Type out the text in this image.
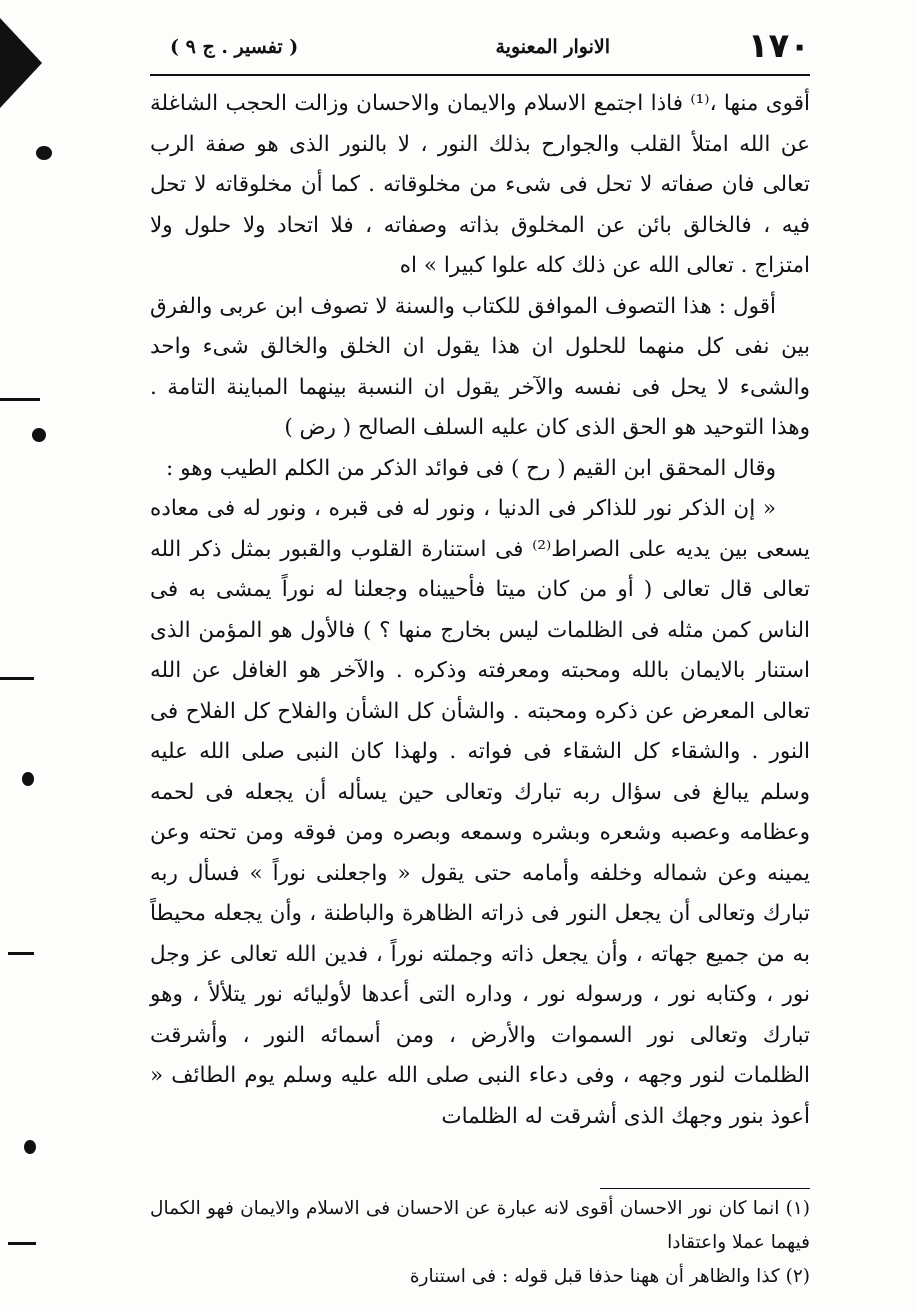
١٧٠
الانوار المعنوية
( تفسير . ج ٩ )

أقوى منها ،⁽¹⁾ فاذا اجتمع الاسلام والايمان والاحسان وزالت الحجب الشاغلة عن الله امتلأ القلب والجوارح بذلك النور ، لا بالنور الذى هو صفة الرب تعالى فان صفاته لا تحل فى شىء من مخلوقاته . كما أن مخلوقاته لا تحل فيه ، فالخالق بائن عن المخلوق بذاته وصفاته ، فلا اتحاد ولا حلول ولا امتزاج . تعالى الله عن ذلك كله علوا كبيرا » اه

أقول : هذا التصوف الموافق للكتاب والسنة لا تصوف ابن عربى والفرق بين نفى كل منهما للحلول ان هذا يقول ان الخلق والخالق شىء واحد والشىء لا يحل فى نفسه والآخر يقول ان النسبة بينهما المباينة التامة . وهذا التوحيد هو الحق الذى كان عليه السلف الصالح ( رض )

وقال المحقق ابن القيم ( رح ) فى فوائد الذكر من الكلم الطيب وهو :

« إن الذكر نور للذاكر فى الدنيا ، ونور له فى قبره ، ونور له فى معاده يسعى بين يديه على الصراط⁽²⁾ فى استنارة القلوب والقبور بمثل ذكر الله تعالى قال تعالى ( أو من كان ميتا فأحييناه وجعلنا له نوراً يمشى به فى الناس كمن مثله فى الظلمات ليس بخارج منها ؟ ) فالأول هو المؤمن الذى استنار بالايمان بالله ومحبته ومعرفته وذكره . والآخر هو الغافل عن الله تعالى المعرض عن ذكره ومحبته . والشأن كل الشأن والفلاح كل الفلاح فى النور . والشقاء كل الشقاء فى فواته . ولهذا كان النبى صلى الله عليه وسلم يبالغ فى سؤال ربه تبارك وتعالى حين يسأله أن يجعله فى لحمه وعظامه وعصبه وشعره وبشره وسمعه وبصره ومن فوقه ومن تحته وعن يمينه وعن شماله وخلفه وأمامه حتى يقول « واجعلنى نوراً » فسأل ربه تبارك وتعالى أن يجعل النور فى ذراته الظاهرة والباطنة ، وأن يجعله محيطاً به من جميع جهاته ، وأن يجعل ذاته وجملته نوراً ، فدين الله تعالى عز وجل نور ، وكتابه نور ، ورسوله نور ، وداره التى أعدها لأوليائه نور يتلألأ ، وهو تبارك وتعالى نور السموات والأرض ، ومن أسمائه النور ، وأشرقت الظلمات لنور وجهه ، وفى دعاء النبى صلى الله عليه وسلم يوم الطائف « أعوذ بنور وجهك الذى أشرقت له الظلمات

(١) انما كان نور الاحسان أقوى لانه عبارة عن الاحسان فى الاسلام والايمان فهو الكمال فيهما عملا واعتقادا

(٢) كذا والظاهر أن ههنا حذفا قبل قوله : فى استنارة
